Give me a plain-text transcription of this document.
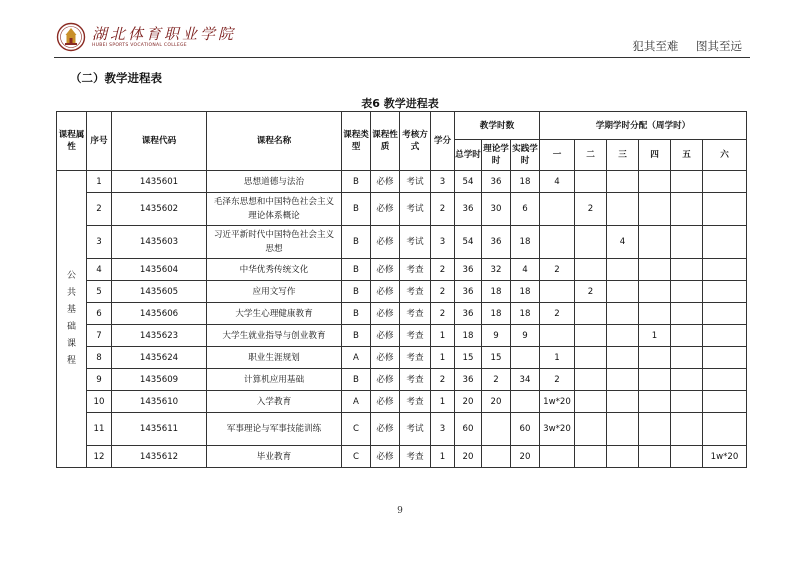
湖北体育职业学院
HUBEI SPORTS VOCATIONAL COLLEGE	犯其至难 图其至远
（二）教学进程表
表6 教学进程表
课程属性	序号	课程代码	课程名称	课程类型	课程性质	考核方式	学分	教学时数			学期学时分配（周学时）					
								总学时	理论学时	实践学时	一	二	三	四	五	六
公共基础课程	1	1435601	思想道德与法治	B	必修	考试	3	54	36	18	4					
	2	1435602	毛泽东思想和中国特色社会主义理论体系概论	B	必修	考试	2	36	30	6		2				
	3	1435603	习近平新时代中国特色社会主义思想	B	必修	考试	3	54	36	18			4			
	4	1435604	中华优秀传统文化	B	必修	考查	2	36	32	4	2					
	5	1435605	应用文写作	B	必修	考查	2	36	18	18		2				
	6	1435606	大学生心理健康教育	B	必修	考查	2	36	18	18	2					
	7	1435623	大学生就业指导与创业教育	B	必修	考查	1	18	9	9				1		
	8	1435624	职业生涯规划	A	必修	考查	1	15	15		1					
	9	1435609	计算机应用基础	B	必修	考查	2	36	2	34	2					
	10	1435610	入学教育	A	必修	考查	1	20	20		1w*20					
	11	1435611	军事理论与军事技能训练	C	必修	考试	3	60		60	3w*20					
	12	1435612	毕业教育	C	必修	考查	1	20		20						1w*20
9
